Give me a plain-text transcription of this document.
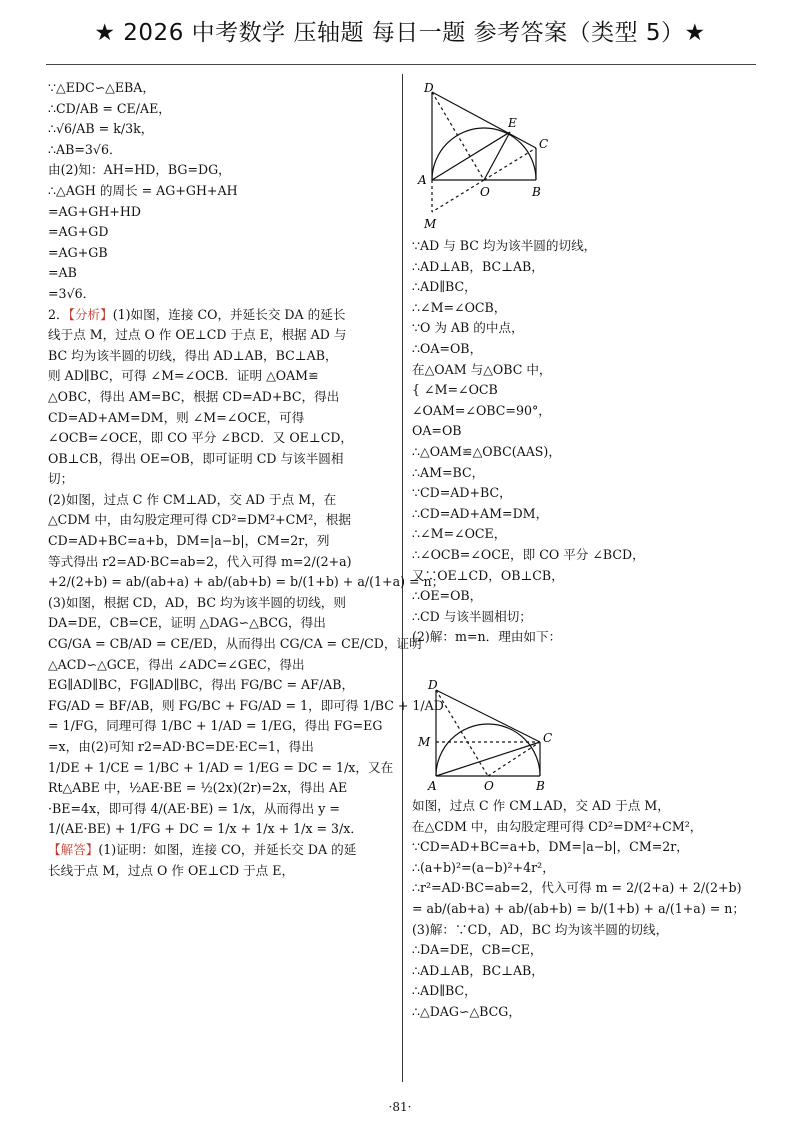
★ 2026 中考数学 压轴题 每日一题 参考答案（类型 5）★
∵△EDC∽△EBA，
∴CD/AB = CE/AE，
∴√6/AB = k/3k，
∴AB=3√6．
由(2)知：AH=HD，BG=DG，
∴△AGH 的周长 = AG+GH+AH
=AG+GH+HD
=AG+GD
=AG+GB
=AB
=3√6．
2．【分析】(1)如图，连接 CO，并延长交 DA 的延长
线于点 M，过点 O 作 OE⊥CD 于点 E，根据 AD 与
BC 均为该半圆的切线，得出 AD⊥AB，BC⊥AB，
则 AD∥BC，可得 ∠M=∠OCB．证明 △OAM≌
△OBC，得出 AM=BC，根据 CD=AD+BC，得出
CD=AD+AM=DM，则 ∠M=∠OCE，可得
∠OCB=∠OCE，即 CO 平分 ∠BCD．又 OE⊥CD，
OB⊥CB，得出 OE=OB，即可证明 CD 与该半圆相
切；
(2)如图，过点 C 作 CM⊥AD，交 AD 于点 M，在
△CDM 中，由勾股定理可得 CD²=DM²+CM²，根据
CD=AD+BC=a+b，DM=|a−b|，CM=2r，列
等式得出 r2=AD·BC=ab=2，代入可得 m=2/(2+a)
+2/(2+b) = ab/(ab+a) + ab/(ab+b) = b/(1+b) + a/(1+a) = n；
(3)如图，根据 CD，AD，BC 均为该半圆的切线，则
DA=DE，CB=CE，证明 △DAG∽△BCG，得出
CG/GA = CB/AD = CE/ED，从而得出 CG/CA = CE/CD，证明
△ACD∽△GCE，得出 ∠ADC=∠GEC，得出
EG∥AD∥BC，FG∥AD∥BC，得出 FG/BC = AF/AB，
FG/AD = BF/AB，则 FG/BC + FG/AD = 1，即可得 1/BC + 1/AD
= 1/FG，同理可得 1/BC + 1/AD = 1/EG，得出 FG=EG
=x，由(2)可知 r2=AD·BC=DE·EC=1，得出
1/DE + 1/CE = 1/BC + 1/AD = 1/EG = DC = 1/x，又在
Rt△ABE 中，½AE·BE = ½(2x)(2r)=2x，得出 AE
·BE=4x，即可得 4/(AE·BE) = 1/x，从而得出 y =
1/(AE·BE) + 1/FG + DC = 1/x + 1/x + 1/x = 3/x．
【解答】(1)证明：如图，连接 CO，并延长交 DA 的延
长线于点 M，过点 O 作 OE⊥CD 于点 E，
D
E
C
A
O	B
M
∵AD 与 BC 均为该半圆的切线，
∴AD⊥AB，BC⊥AB，
∴AD∥BC，
∴∠M=∠OCB，
∵O 为 AB 的中点，
∴OA=OB，
在△OAM 与△OBC 中，
{ ∠M=∠OCB
∠OAM=∠OBC=90°，
OA=OB
∴△OAM≌△OBC(AAS)，
∴AM=BC，
∵CD=AD+BC，
∴CD=AD+AM=DM，
∴∠M=∠OCE，
∴∠OCB=∠OCE，即 CO 平分 ∠BCD，
又∵OE⊥CD，OB⊥CB，
∴OE=OB，
∴CD 与该半圆相切；
(2)解：m=n．理由如下：
D
M	C
A	O	B
如图，过点 C 作 CM⊥AD，交 AD 于点 M，
在△CDM 中，由勾股定理可得 CD²=DM²+CM²，
∵CD=AD+BC=a+b，DM=|a−b|，CM=2r，
∴(a+b)²=(a−b)²+4r²，
∴r²=AD·BC=ab=2，代入可得 m = 2/(2+a) + 2/(2+b)
= ab/(ab+a) + ab/(ab+b) = b/(1+b) + a/(1+a) = n；
(3)解：∵CD，AD，BC 均为该半圆的切线，
∴DA=DE，CB=CE，
∴AD⊥AB，BC⊥AB，
∴AD∥BC，
∴△DAG∽△BCG，
·81·
